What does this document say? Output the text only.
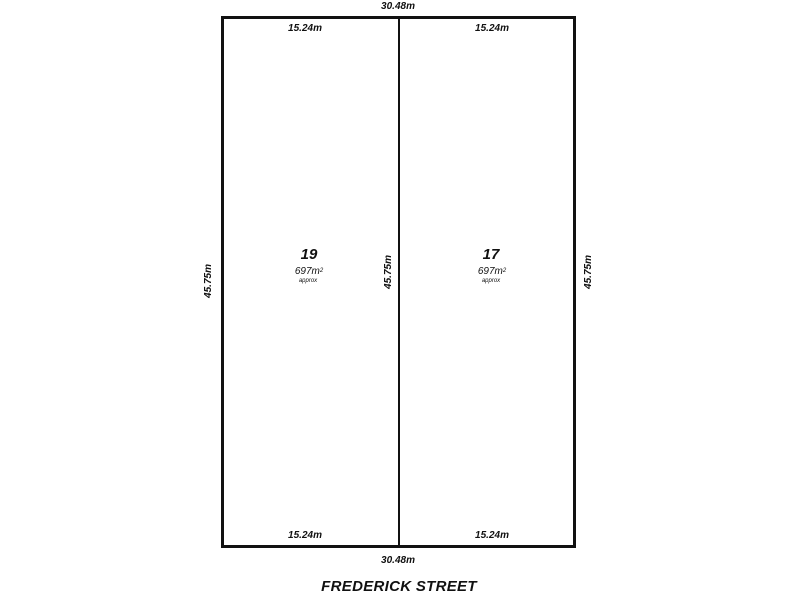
30.48m
30.48m
45.75m	45.75m	45.75m
15.24m
15.24m
19
$697m^2$
approx
15.24m
15.24m
17
$697m^2$
approx
FREDERICK STREET
